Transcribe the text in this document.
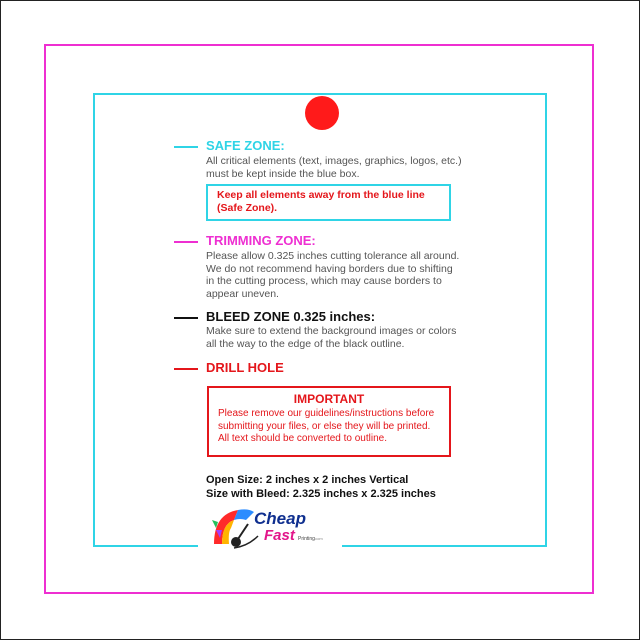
SAFE ZONE:
All critical elements (text, images, graphics, logos, etc.)
must be kept inside the blue box.
Keep all elements away from the blue line
(Safe Zone).
TRIMMING ZONE:
Please allow 0.325 inches cutting tolerance all around.
We do not recommend having borders due to shifting
in the cutting process, which may cause borders to
appear uneven.
BLEED ZONE 0.325 inches:
Make sure to extend the background images or colors
all the way to the edge of the black outline.
DRILL HOLE
IMPORTANT
Please remove our guidelines/instructions before
submitting your files, or else they will be printed.
All text should be converted to outline.
Open Size: 2 inches x 2 inches Vertical
Size with Bleed: 2.325 inches x 2.325 inches
Cheap
Fast Printing .com
